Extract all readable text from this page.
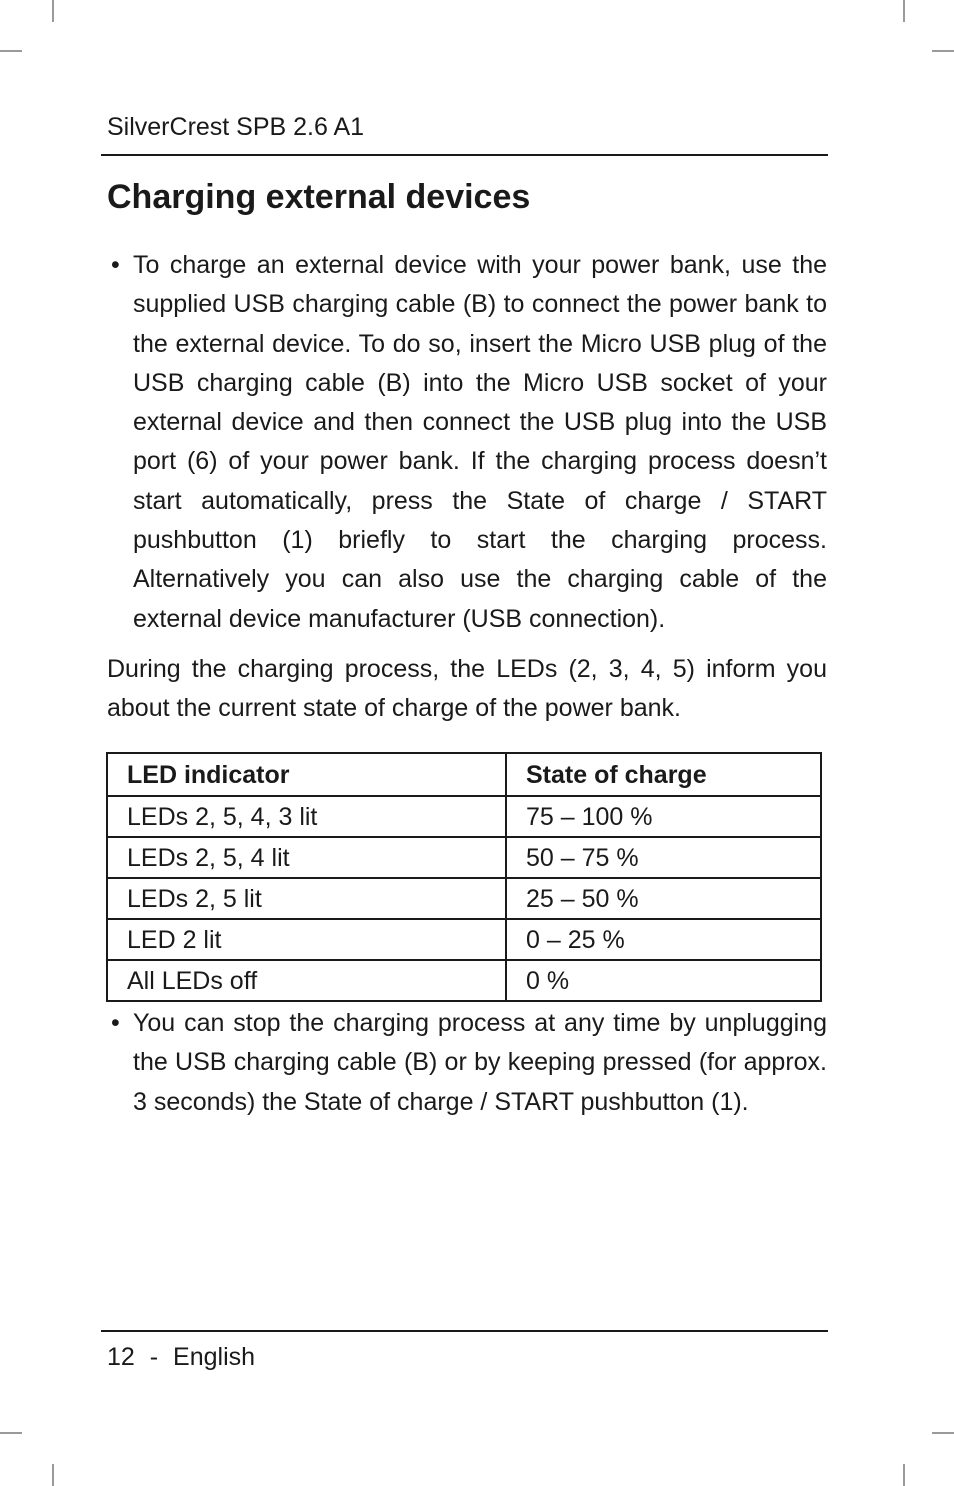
SilverCrest SPB 2.6 A1
Charging external devices
• To charge an external device with your power bank, use the supplied USB charging cable (B) to connect the power bank to the external device. To do so, insert the Micro USB plug of the USB charging cable (B) into the Micro USB socket of your external device and then connect the USB plug into the USB port (6) of your power bank. If the charging process doesn’t start automatically, press the State of charge / START pushbutton (1) briefly to start the charging process. Alternatively you can also use the charging cable of the external device manufacturer (USB connection).

During the charging process, the LEDs (2, 3, 4, 5) inform you about the current state of charge of the power bank.

LED indicator	State of charge
LEDs 2, 5, 4, 3 lit	75 – 100 %
LEDs 2, 5, 4 lit	50 – 75 %
LEDs 2, 5 lit	25 – 50 %
LED 2 lit	0 – 25 %
All LEDs off	0 %
• You can stop the charging process at any time by unplugging the USB charging cable (B) or by keeping pressed (for approx. 3 seconds) the State of charge / START pushbutton (1).
12 - English
